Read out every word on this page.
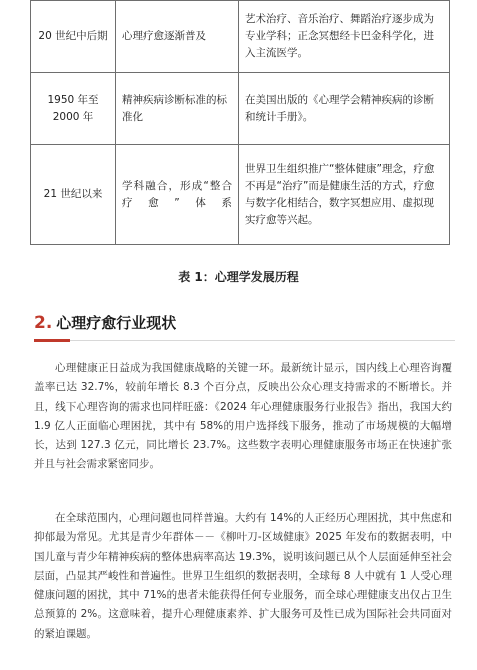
20 世纪中后期	心理疗愈逐渐普及	艺术治疗、音乐治疗、舞蹈治疗逐步成为专业学科；正念冥想经卡巴金科学化，进入主流医学。
1950 年至 2000 年	精神疾病诊断标准的标准化	在美国出版的《心理学会精神疾病的诊断和统计手册》。
21 世纪以来	学科融合，形成“整合疗愈”体系	世界卫生组织推广“整体健康”理念，疗愈不再是“治疗”而是健康生活的方式，疗愈与数字化相结合，数字冥想应用、虚拟现实疗愈等兴起。
表 1：心理学发展历程
2. 心理疗愈行业现状

心理健康正日益成为我国健康战略的关键一环。最新统计显示，国内线上心理咨询覆盖率已达 32.7%，较前年增长 8.3 个百分点，反映出公众心理支持需求的不断增长。并且，线下心理咨询的需求也同样旺盛：《2024 年心理健康服务行业报告》指出，我国大约 1.9 亿人正面临心理困扰，其中有 58%的用户选择线下服务，推动了市场规模的大幅增长，达到 127.3 亿元，同比增长 23.7%。这些数字表明心理健康服务市场正在快速扩张并且与社会需求紧密同步。

在全球范围内，心理问题也同样普遍。大约有 14%的人正经历心理困扰，其中焦虑和抑郁最为常见。尤其是青少年群体－－《柳叶刀-区域健康》2025 年发布的数据表明，中国儿童与青少年精神疾病的整体患病率高达 19.3%，说明该问题已从个人层面延伸至社会层面，凸显其严峻性和普遍性。世界卫生组织的数据表明，全球每 8 人中就有 1 人受心理健康问题的困扰，其中 71%的患者未能获得任何专业服务，而全球心理健康支出仅占卫生总预算的 2%。这意味着，提升心理健康素养、扩大服务可及性已成为国际社会共同面对的紧迫课题。
